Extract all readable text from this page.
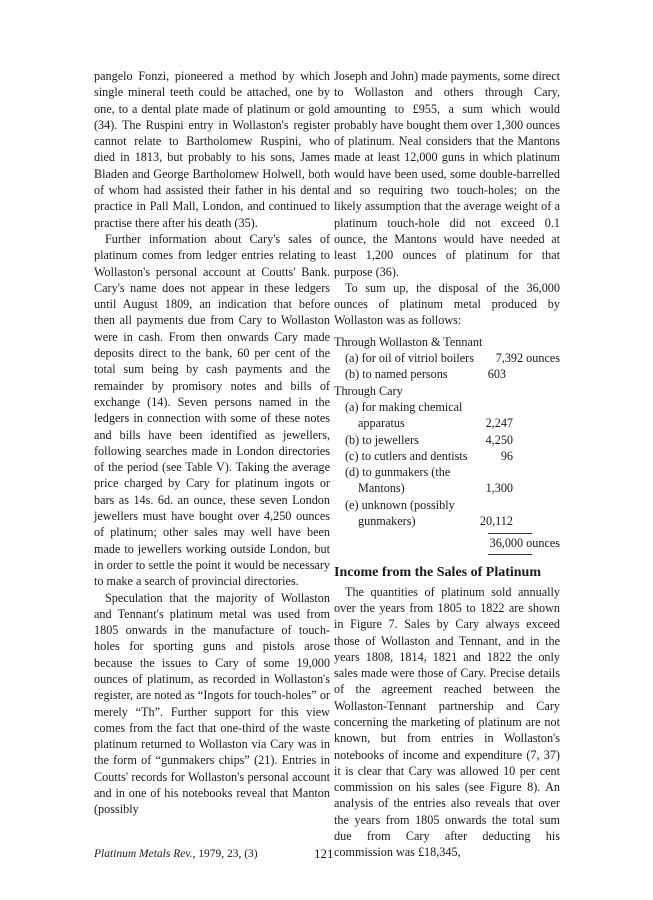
pangelo Fonzi, pioneered a method by which single mineral teeth could be attached, one by one, to a dental plate made of platinum or gold (34). The Ruspini entry in Wollaston's register cannot relate to Bartholomew Ruspini, who died in 1813, but probably to his sons, James Bladen and George Bartholomew Holwell, both of whom had assisted their father in his dental practice in Pall Mall, London, and continued to practise there after his death (35).

Further information about Cary's sales of platinum comes from ledger entries relating to Wollaston's personal account at Coutts' Bank. Cary's name does not appear in these ledgers until August 1809, an indication that before then all payments due from Cary to Wollaston were in cash. From then onwards Cary made deposits direct to the bank, 60 per cent of the total sum being by cash payments and the remainder by promisory notes and bills of exchange (14). Seven persons named in the ledgers in connection with some of these notes and bills have been identified as jewellers, following searches made in London directories of the period (see Table V). Taking the average price charged by Cary for platinum ingots or bars as 14s. 6d. an ounce, these seven London jewellers must have bought over 4,250 ounces of platinum; other sales may well have been made to jewellers working outside London, but in order to settle the point it would be necessary to make a search of provincial directories.

Speculation that the majority of Wollaston and Tennant's platinum metal was used from 1805 onwards in the manufacture of touch-holes for sporting guns and pistols arose because the issues to Cary of some 19,000 ounces of platinum, as recorded in Wollaston's register, are noted as “Ingots for touch-holes” or merely “Th”. Further support for this view comes from the fact that one-third of the waste platinum returned to Wollaston via Cary was in the form of “gunmakers chips” (21). Entries in Coutts' records for Wollaston's personal account and in one of his notebooks reveal that Manton (possibly

Joseph and John) made payments, some direct to Wollaston and others through Cary, amounting to £955, a sum which would probably have bought them over 1,300 ounces of platinum. Neal considers that the Mantons made at least 12,000 guns in which platinum would have been used, some double-barrelled and so requiring two touch-holes; on the likely assumption that the average weight of a platinum touch-hole did not exceed 0.1 ounce, the Mantons would have needed at least 1,200 ounces of platinum for that purpose (36).

To sum up, the disposal of the 36,000 ounces of platinum metal produced by Wollaston was as follows:

Through Wollaston & Tennant
(a) for oil of vitriol boilers 7,392 ounces
(b) to named persons	603
Through Cary
(a) for making chemical
apparatus	2,247
(b) to jewellers	4,250
(c) to cutlers and dentists	96
(d) to gunmakers (the
Mantons)	1,300
(e) unknown (possibly
gunmakers)	20,112
36,000 ounces
Income from the Sales of Platinum

The quantities of platinum sold annually over the years from 1805 to 1822 are shown in Figure 7. Sales by Cary always exceed those of Wollaston and Tennant, and in the years 1808, 1814, 1821 and 1822 the only sales made were those of Cary. Precise details of the agreement reached between the Wollaston-Tennant partnership and Cary concerning the marketing of platinum are not known, but from entries in Wollaston's notebooks of income and expenditure (7, 37) it is clear that Cary was allowed 10 per cent commission on his sales (see Figure 8). An analysis of the entries also reveals that over the years from 1805 onwards the total sum due from Cary after deducting his commission was £18,345,

Platinum Metals Rev., 1979, 23, (3)	121
